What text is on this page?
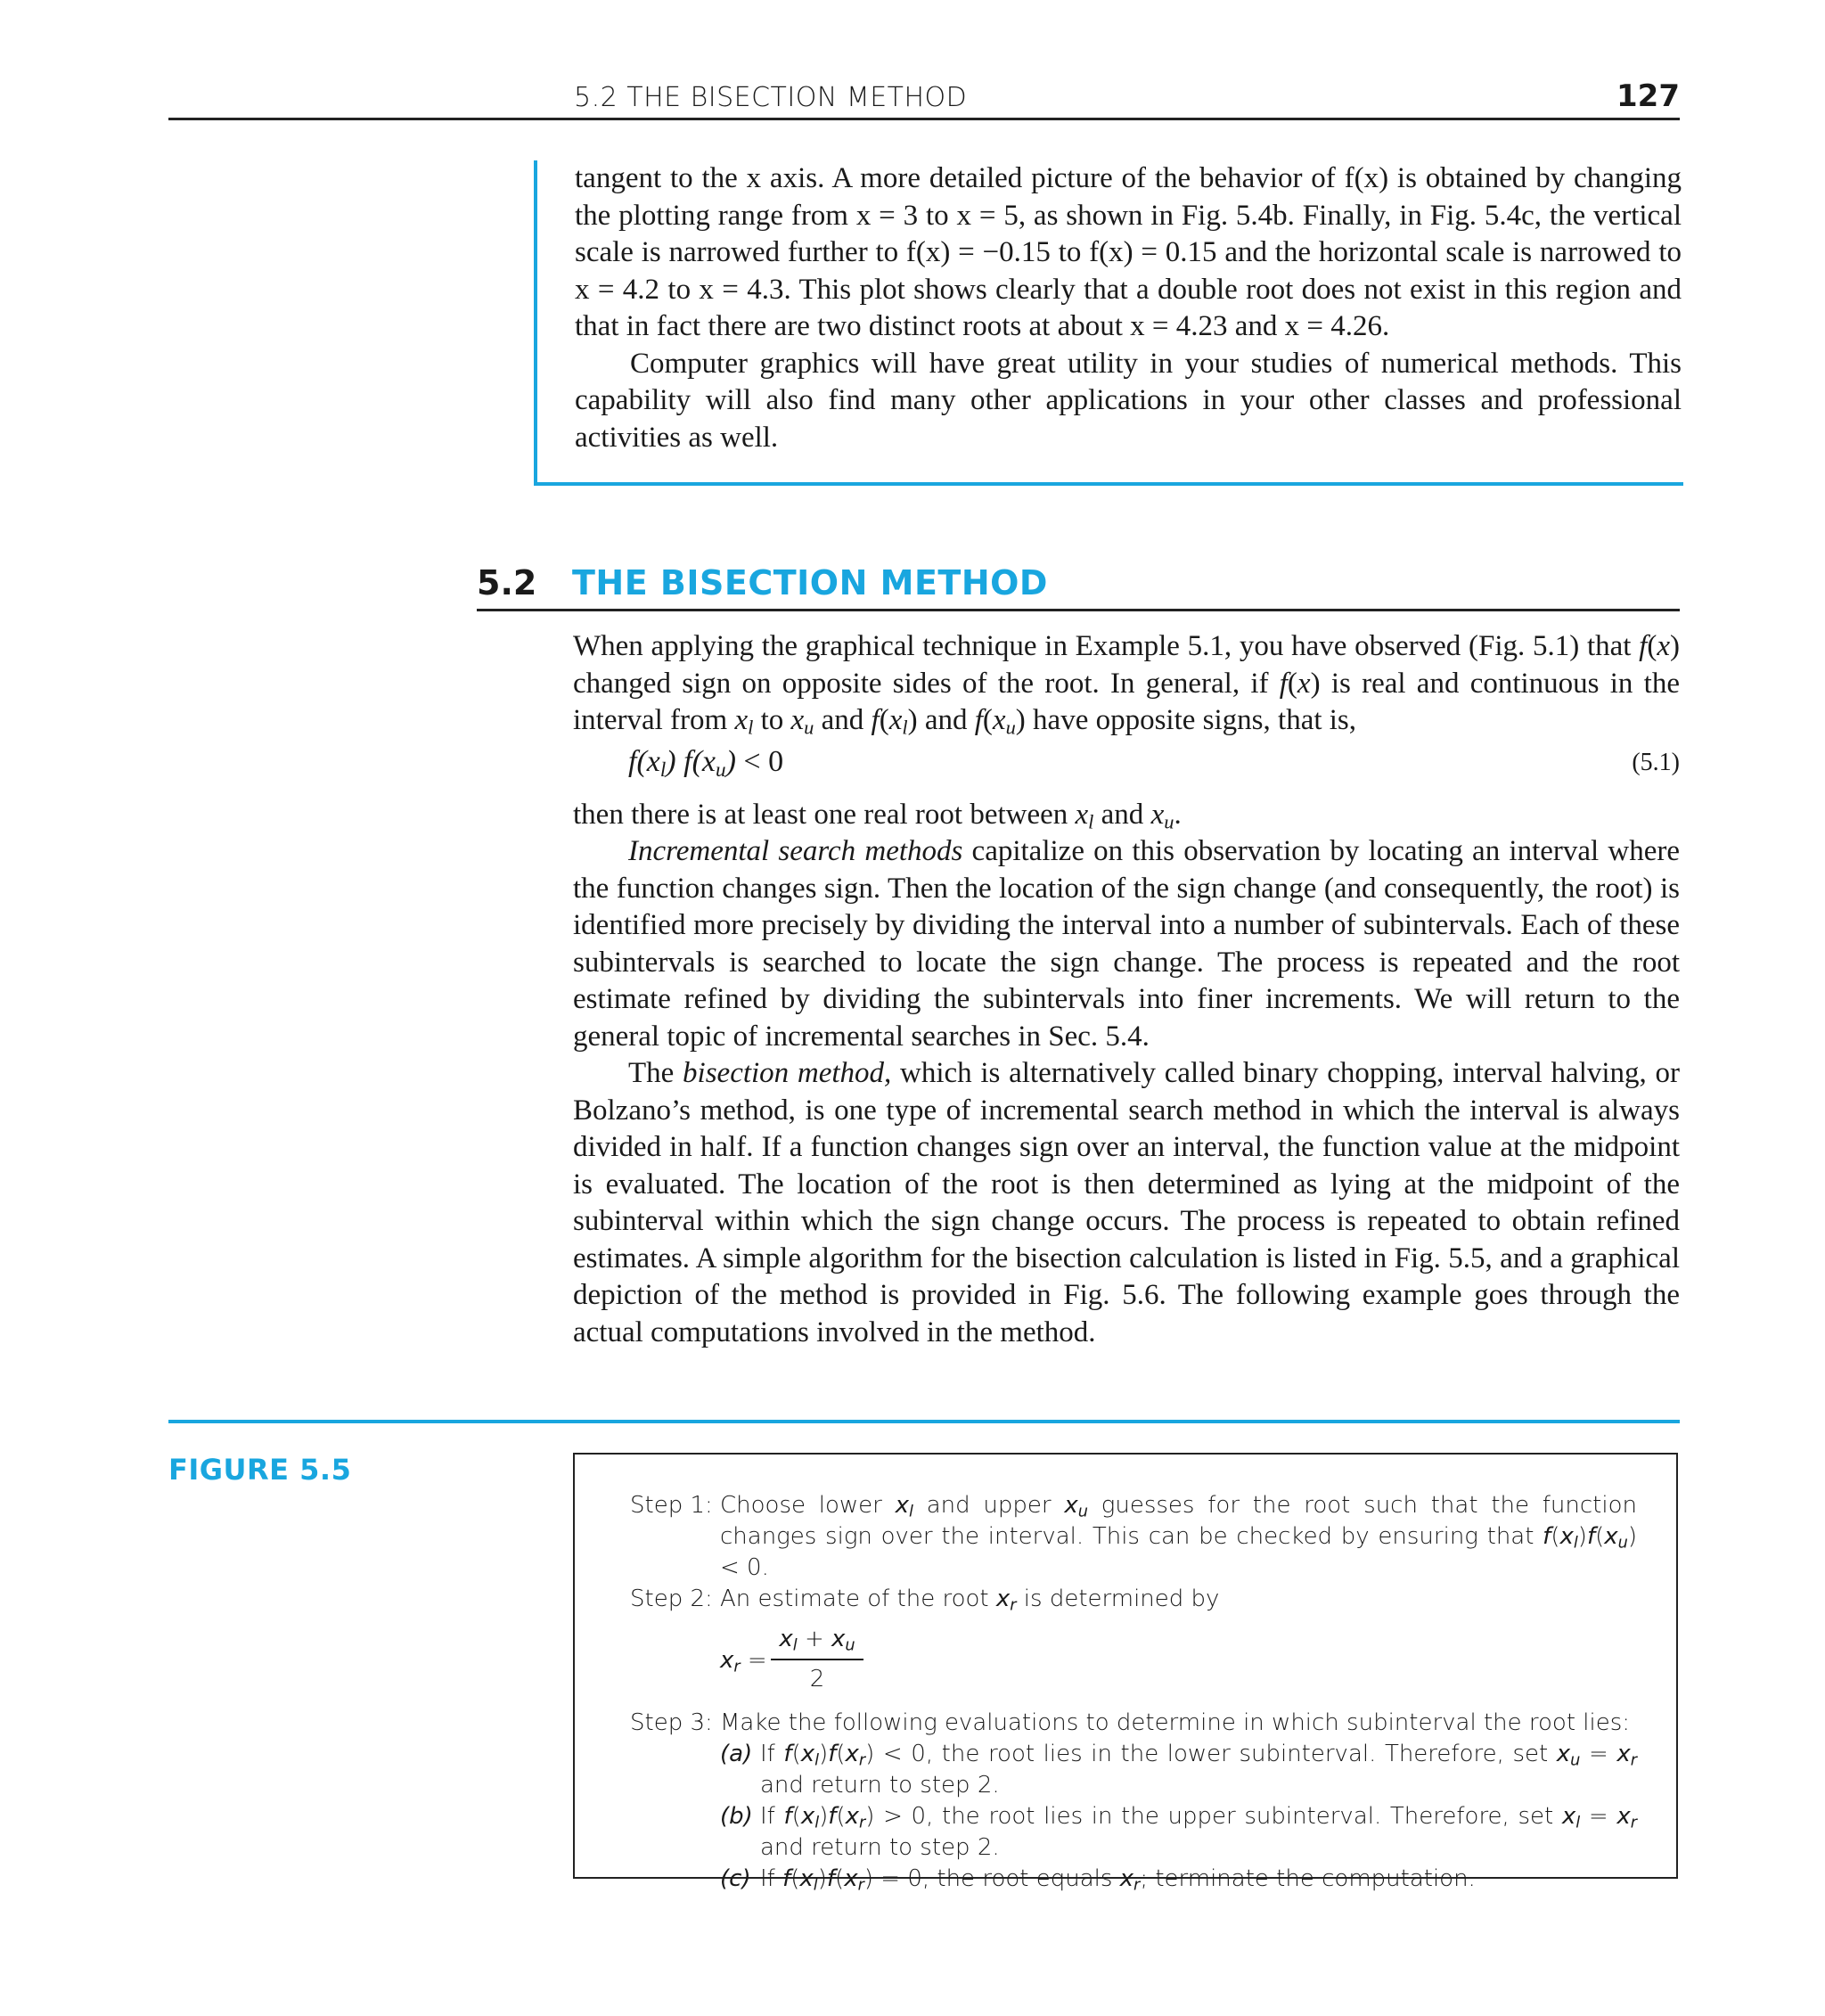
5.2 THE BISECTION METHOD	127

tangent to the x axis. A more detailed picture of the behavior of f(x) is obtained by changing the plotting range from x = 3 to x = 5, as shown in Fig. 5.4b. Finally, in Fig. 5.4c, the vertical scale is narrowed further to f(x) = −0.15 to f(x) = 0.15 and the horizontal scale is narrowed to x = 4.2 to x = 4.3. This plot shows clearly that a double root does not exist in this region and that in fact there are two distinct roots at about x = 4.23 and x = 4.26.

Computer graphics will have great utility in your studies of numerical methods. This capability will also find many other applications in your other classes and professional activities as well.

5.2 THE BISECTION METHOD

When applying the graphical technique in Example 5.1, you have observed (Fig. 5.1) that f(x) changed sign on opposite sides of the root. In general, if f(x) is real and continuous in the interval from $x_l$ to $x_u$ and $f(x_l)$ and $f(x_u)$ have opposite signs, that is,

$f(x_l) f(x_u) < 0$	(5.1)

then there is at least one real root between $x_l$ and $x_u$.

Incremental search methods capitalize on this observation by locating an interval where the function changes sign. Then the location of the sign change (and consequently, the root) is identified more precisely by dividing the interval into a number of subintervals. Each of these subintervals is searched to locate the sign change. The process is repeated and the root estimate refined by dividing the subintervals into finer increments. We will return to the general topic of incremental searches in Sec. 5.4.

The bisection method, which is alternatively called binary chopping, interval halving, or Bolzano’s method, is one type of incremental search method in which the interval is always divided in half. If a function changes sign over an interval, the function value at the midpoint is evaluated. The location of the root is then determined as lying at the midpoint of the subinterval within which the sign change occurs. The process is repeated to obtain refined estimates. A simple algorithm for the bisection calculation is listed in Fig. 5.5, and a graphical depiction of the method is provided in Fig. 5.6. The following example goes through the actual computations involved in the method.

FIGURE 5.5
Step 1: Choose lower $x_l$ and upper $x_u$ guesses for the root such that the function changes sign over the interval. This can be checked by ensuring that $f(x_l)f(x_u) < 0$.
Step 2: An estimate of the root $x_r$ is determined by
$x_r = \frac{x_l + x_u}{2}$
Step 3: Make the following evaluations to determine in which subinterval the root lies:
(a) If $f(x_l)f(x_r) < 0$, the root lies in the lower subinterval. Therefore, set $x_u = x_r$ and return to step 2.
(b) If $f(x_l)f(x_r) > 0$, the root lies in the upper subinterval. Therefore, set $x_l = x_r$ and return to step 2.
(c) If $f(x_l)f(x_r) = 0$, the root equals $x_r$; terminate the computation.
